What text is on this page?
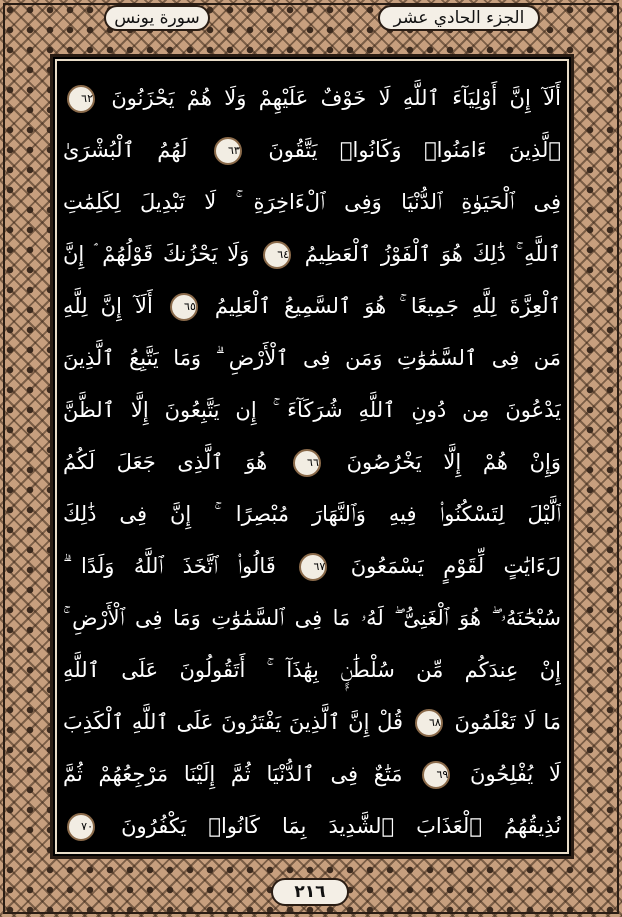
سورة يونس	الجزء الحادي عشر
أَلَآ إِنَّ أَوْلِيَآءَ ٱللَّهِ لَا خَوْفٌ عَلَيْهِمْ وَلَا هُمْ يَحْزَنُونَ ٦٢
ٱلَّذِينَ ءَامَنُوا۟ وَكَانُوا۟ يَتَّقُونَ ٦٣ لَهُمُ ٱلْبُشْرَىٰ
فِى ٱلْحَيَوٰةِ ٱلدُّنْيَا وَفِى ٱلْءَاخِرَةِ ۚ لَا تَبْدِيلَ لِكَلِمَٰتِ
ٱللَّهِ ۚ ذَٰلِكَ هُوَ ٱلْفَوْزُ ٱلْعَظِيمُ ٦٤ وَلَا يَحْزُنكَ قَوْلُهُمْ ۘ إِنَّ
ٱلْعِزَّةَ لِلَّهِ جَمِيعًا ۚ هُوَ ٱلسَّمِيعُ ٱلْعَلِيمُ ٦٥ أَلَآ إِنَّ لِلَّهِ
مَن فِى ٱلسَّمَٰوَٰتِ وَمَن فِى ٱلْأَرْضِ ۗ وَمَا يَتَّبِعُ ٱلَّذِينَ
يَدْعُونَ مِن دُونِ ٱللَّهِ شُرَكَآءَ ۚ إِن يَتَّبِعُونَ إِلَّا ٱلظَّنَّ
وَإِنْ هُمْ إِلَّا يَخْرُصُونَ ٦٦ هُوَ ٱلَّذِى جَعَلَ لَكُمُ
ٱلَّيْلَ لِتَسْكُنُوا۟ فِيهِ وَٱلنَّهَارَ مُبْصِرًا ۚ إِنَّ فِى ذَٰلِكَ
لَءَايَٰتٍ لِّقَوْمٍ يَسْمَعُونَ ٦٧ قَالُوا۟ ٱتَّخَذَ ٱللَّهُ وَلَدًا ۗ
سُبْحَٰنَهُۥ ۖ هُوَ ٱلْغَنِىُّ ۖ لَهُۥ مَا فِى ٱلسَّمَٰوَٰتِ وَمَا فِى ٱلْأَرْضِ ۚ
إِنْ عِندَكُم مِّن سُلْطَٰنٍۭ بِهَٰذَآ ۚ أَتَقُولُونَ عَلَى ٱللَّهِ
مَا لَا تَعْلَمُونَ ٦٨ قُلْ إِنَّ ٱلَّذِينَ يَفْتَرُونَ عَلَى ٱللَّهِ ٱلْكَذِبَ
لَا يُفْلِحُونَ ٦٩ مَتَٰعٌ فِى ٱلدُّنْيَا ثُمَّ إِلَيْنَا مَرْجِعُهُمْ ثُمَّ
نُذِيقُهُمُ ٱلْعَذَابَ ٱلشَّدِيدَ بِمَا كَانُوا۟ يَكْفُرُونَ ٧٠
٢١٦
